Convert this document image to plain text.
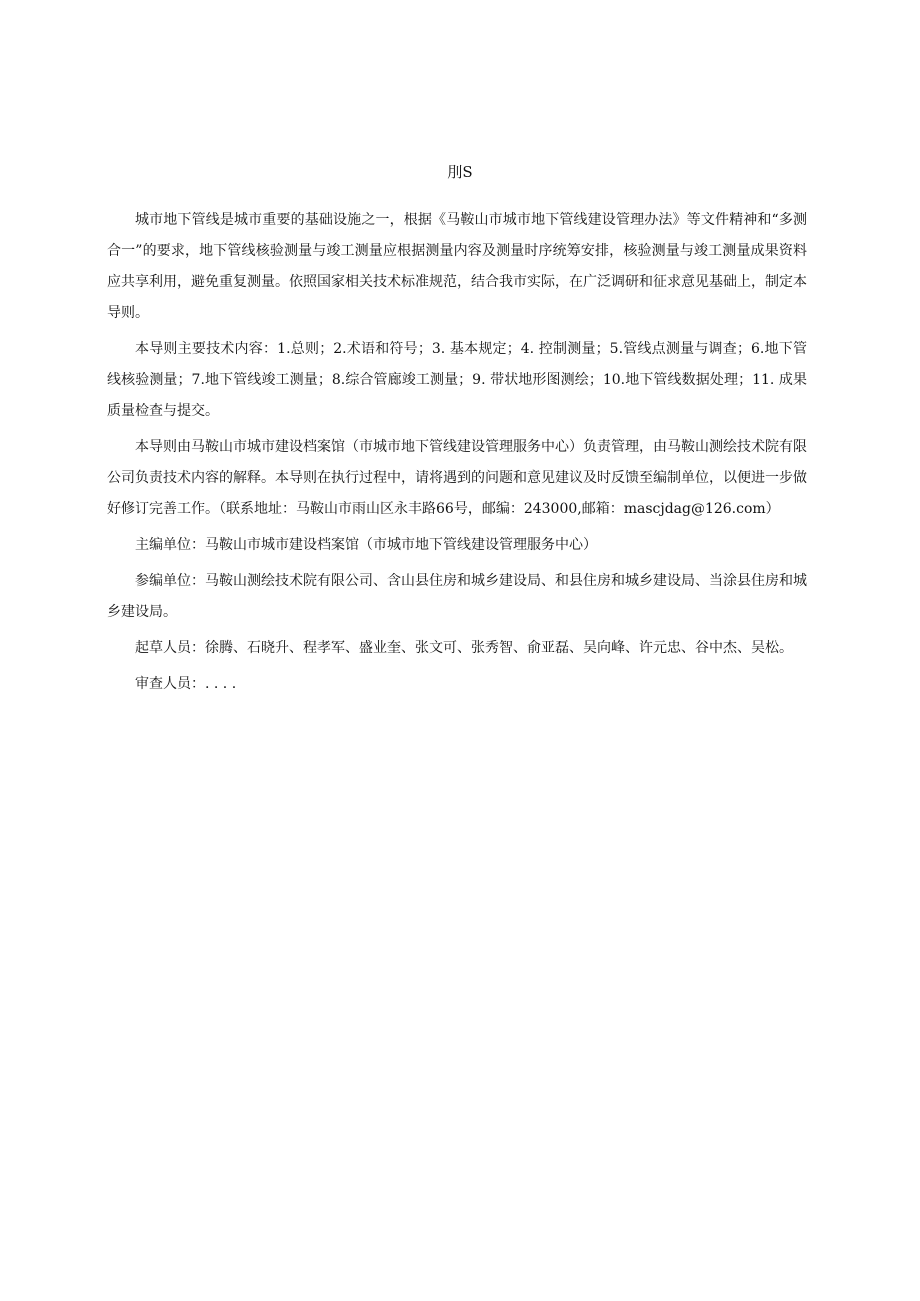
刖S

城市地下管线是城市重要的基础设施之一，根据《马鞍山市城市地下管线建设管理办法》等文件精神和“多测合一”的要求，地下管线核验测量与竣工测量应根据测量内容及测量时序统筹安排，核验测量与竣工测量成果资料应共享利用，避免重复测量。依照国家相关技术标准规范，结合我市实际，在广泛调研和征求意见基础上，制定本导则。

本导则主要技术内容：1.总则；2.术语和符号；3. 基本规定；4. 控制测量；5.管线点测量与调查；6.地下管线核验测量；7.地下管线竣工测量；8.综合管廊竣工测量；9. 带状地形图测绘；10.地下管线数据处理；11. 成果质量检查与提交。

本导则由马鞍山市城市建设档案馆（市城市地下管线建设管理服务中心）负责管理，由马鞍山测绘技术院有限公司负责技术内容的解释。本导则在执行过程中，请将遇到的问题和意见建议及时反馈至编制单位，以便进一步做好修订完善工作。（联系地址：马鞍山市雨山区永丰路66号，邮编：243000,邮箱：masсjdag@126.com）

主编单位：马鞍山市城市建设档案馆（市城市地下管线建设管理服务中心）

参编单位：马鞍山测绘技术院有限公司、含山县住房和城乡建设局、和县住房和城乡建设局、当涂县住房和城乡建设局。

起草人员：徐腾、石晓升、程孝军、盛业奎、张文可、张秀智、俞亚磊、吴向峰、许元忠、谷中杰、吴松。

审查人员：. . . .
